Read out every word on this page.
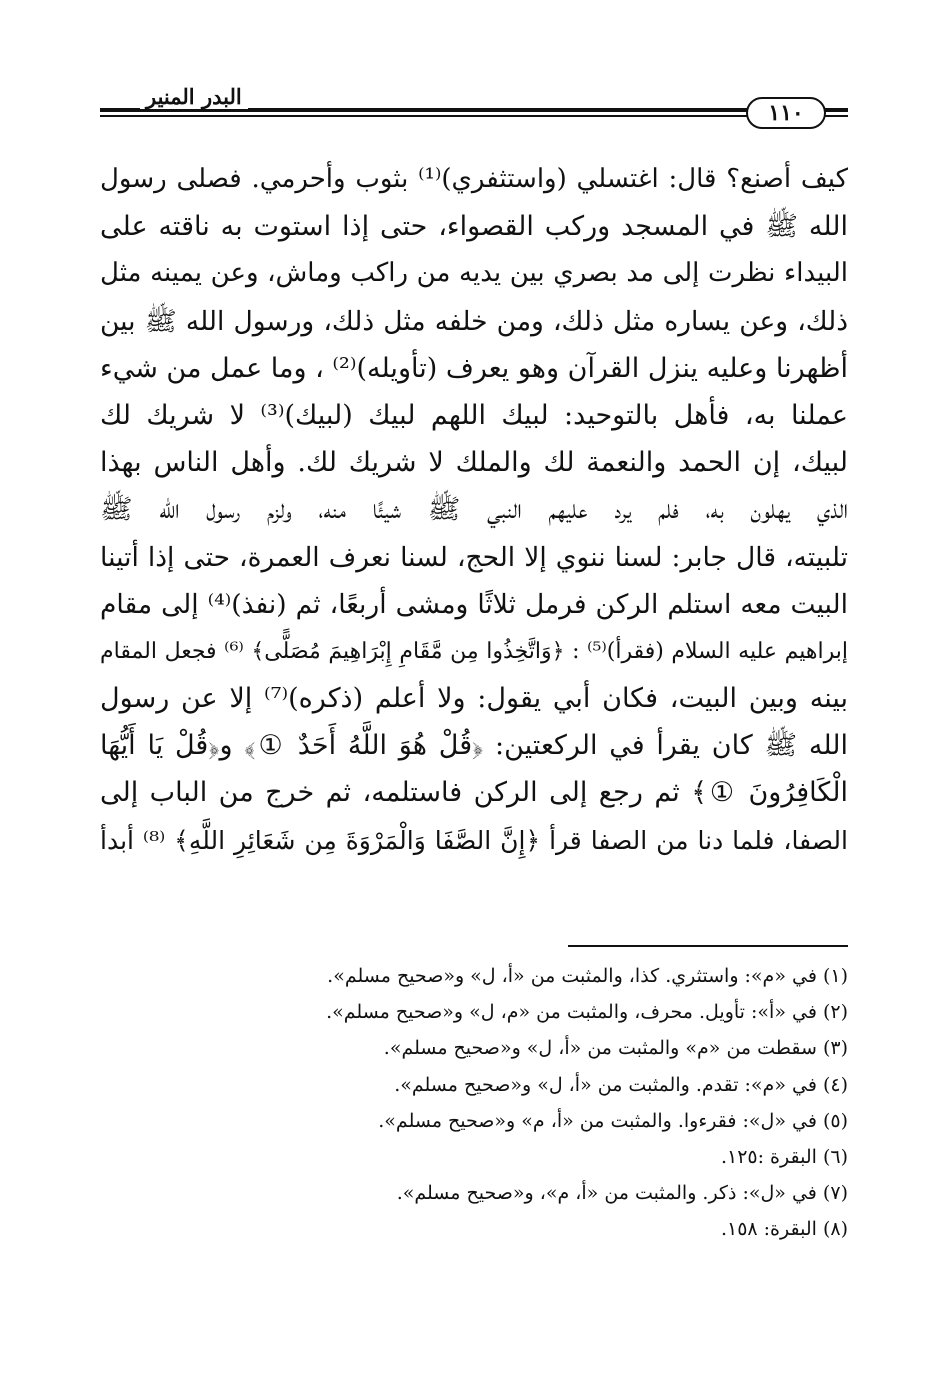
البدر المنير
١١٠
كيف أصنع؟ قال: اغتسلي (واستثفري)⁽¹⁾ بثوب وأحرمي. فصلى رسول
الله ﷺ في المسجد وركب القصواء، حتى إذا استوت به ناقته على
البيداء نظرت إلى مد بصري بين يديه من راكب وماش، وعن يمينه مثل
ذلك، وعن يساره مثل ذلك، ومن خلفه مثل ذلك، ورسول الله ﷺ بين
أظهرنا وعليه ينزل القرآن وهو يعرف (تأويله)⁽²⁾ ، وما عمل من شيء
عملنا به، فأهل بالتوحيد: لبيك اللهم لبيك (لبيك)⁽³⁾ لا شريك لك
لبيك، إن الحمد والنعمة لك والملك لا شريك لك. وأهل الناس بهذا
الذي يهلون به، فلم يرد عليهم النبي ﷺ شيئًا منه، ولزم رسول الله ﷺ
تلبيته، قال جابر: لسنا ننوي إلا الحج، لسنا نعرف العمرة، حتى إذا أتينا
البيت معه استلم الركن فرمل ثلاثًا ومشى أربعًا، ثم (نفذ)⁽⁴⁾ إلى مقام
إبراهيم عليه السلام (فقرأ)⁽⁵⁾ : ﴿وَاتَّخِذُوا مِن مَّقَامِ إِبْرَاهِيمَ مُصَلًّى﴾ ⁽⁶⁾ فجعل المقام
بينه وبين البيت، فكان أبي يقول: ولا أعلم (ذكره)⁽⁷⁾ إلا عن رسول
الله ﷺ كان يقرأ في الركعتين: ﴿قُلْ هُوَ اللَّهُ أَحَدٌ ①﴾ و﴿قُلْ يَا أَيُّهَا
الْكَافِرُونَ ①﴾ ثم رجع إلى الركن فاستلمه، ثم خرج من الباب إلى
الصفا، فلما دنا من الصفا قرأ ﴿إِنَّ الصَّفَا وَالْمَرْوَةَ مِن شَعَائِرِ اللَّهِ﴾ ⁽⁸⁾ أبدأ
(١) في «م»: واستثري. كذا، والمثبت من «أ، ل» و«صحيح مسلم».
(٢) في «أ»: تأويل. محرف، والمثبت من «م، ل» و«صحيح مسلم».
(٣) سقطت من «م» والمثبت من «أ، ل» و«صحيح مسلم».
(٤) في «م»: تقدم. والمثبت من «أ، ل» و«صحيح مسلم».
(٥) في «ل»: فقرءوا. والمثبت من «أ، م» و«صحيح مسلم».
(٦) البقرة :١٢٥.
(٧) في «ل»: ذكر. والمثبت من «أ، م»، و«صحيح مسلم».
(٨) البقرة: ١٥٨.
